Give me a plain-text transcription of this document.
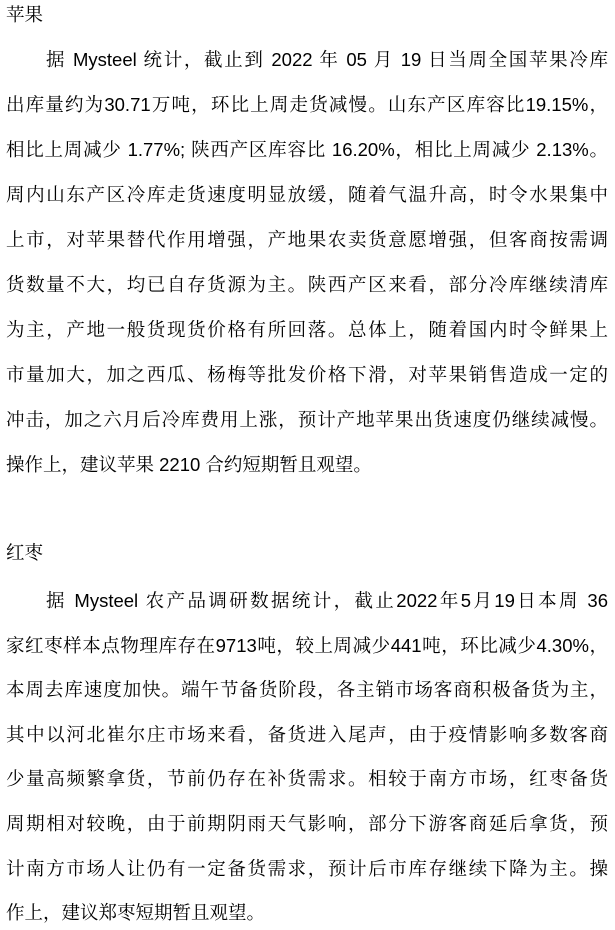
苹果
据 Mysteel 统计，截止到 2022 年 05 月 19 日当周全国苹果冷库
出库量约为30.71万吨，环比上周走货减慢。山东产区库容比19.15%，
相比上周减少 1.77%; 陕西产区库容比 16.20%，相比上周减少 2.13%。
周内山东产区冷库走货速度明显放缓，随着气温升高，时令水果集中
上市，对苹果替代作用增强，产地果农卖货意愿增强，但客商按需调
货数量不大，均已自存货源为主。陕西产区来看，部分冷库继续清库
为主，产地一般货现货价格有所回落。总体上，随着国内时令鲜果上
市量加大，加之西瓜、杨梅等批发价格下滑，对苹果销售造成一定的
冲击，加之六月后冷库费用上涨，预计产地苹果出货速度仍继续减慢。
操作上，建议苹果 2210 合约短期暂且观望。
红枣
据 Mysteel 农产品调研数据统计，截止2022年5月19日本周 36
家红枣样本点物理库存在9713吨，较上周减少441吨，环比减少4.30%，
本周去库速度加快。端午节备货阶段，各主销市场客商积极备货为主，
其中以河北崔尔庄市场来看，备货进入尾声，由于疫情影响多数客商
少量高频繁拿货，节前仍存在补货需求。相较于南方市场，红枣备货
周期相对较晚，由于前期阴雨天气影响，部分下游客商延后拿货，预
计南方市场人让仍有一定备货需求，预计后市库存继续下降为主。操
作上，建议郑枣短期暂且观望。
